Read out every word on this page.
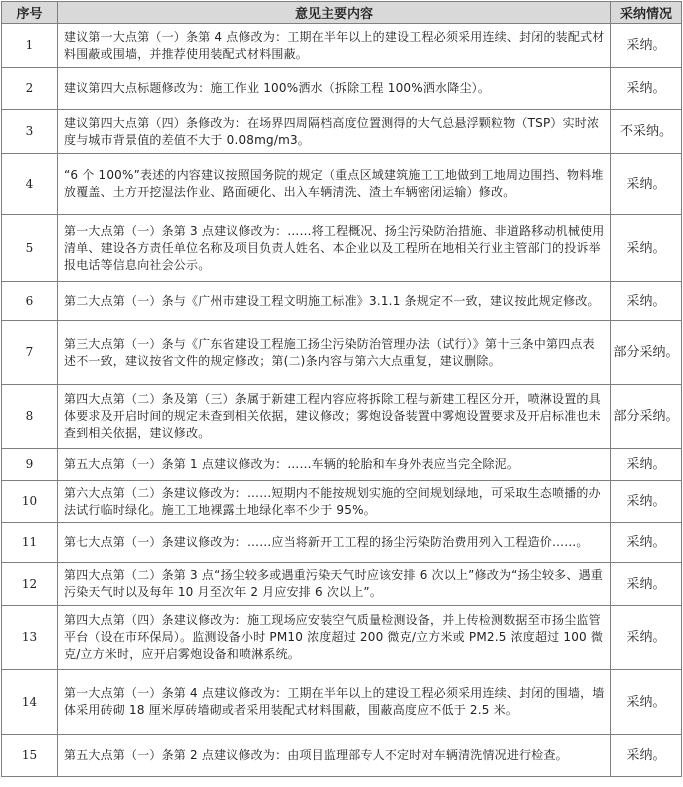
序号	意见主要内容	采纳情况
1	建议第一大点第（一）条第 4 点修改为：工期在半年以上的建设工程必须采用连续、封闭的装配式材料围蔽或围墙，并推荐使用装配式材料围蔽。	采纳。
2	建议第四大点标题修改为：施工作业 100%洒水（拆除工程 100%洒水降尘）。	采纳。
3	建议第四大点第（四）条修改为：在场界四周隔档高度位置测得的大气总悬浮颗粒物（TSP）实时浓度与城市背景值的差值不大于 0.08mg/m3。	不采纳。
4	“6 个 100%”表述的内容建议按照国务院的规定（重点区域建筑施工工地做到工地周边围挡、物料堆放覆盖、土方开挖湿法作业、路面硬化、出入车辆清洗、渣土车辆密闭运输）修改。	采纳。
5	第一大点第（一）条第 3 点建议修改为：……将工程概况、扬尘污染防治措施、非道路移动机械使用清单、建设各方责任单位名称及项目负责人姓名、本企业以及工程所在地相关行业主管部门的投诉举报电话等信息向社会公示。	采纳。
6	第二大点第（一）条与《广州市建设工程文明施工标准》3.1.1 条规定不一致，建议按此规定修改。	采纳。
7	第三大点第（一）条与《广东省建设工程施工扬尘污染防治管理办法（试行）》第十三条中第四点表述不一致，建议按省文件的规定修改；第(二)条内容与第六大点重复，建议删除。	部分采纳。
8	第四大点第（二）条及第（三）条属于新建工程内容应将拆除工程与新建工程区分开，喷淋设置的具体要求及开启时间的规定未查到相关依据，建议修改；雾炮设备装置中雾炮设置要求及开启标准也未查到相关依据，建议修改。	部分采纳。
9	第五大点第（一）条第 1 点建议修改为：……车辆的轮胎和车身外表应当完全除泥。	采纳。
10	第六大点第（二）条建议修改为：……短期内不能按规划实施的空间规划绿地，可采取生态喷播的办法试行临时绿化。施工工地裸露土地绿化率不少于 95%。	采纳。
11	第七大点第（一）条建议修改为：……应当将新开工工程的扬尘污染防治费用列入工程造价……。	采纳。
12	第四大点第（二）条第 3 点“扬尘较多或遇重污染天气时应该安排 6 次以上”修改为“扬尘较多、遇重污染天气时以及每年 10 月至次年 2 月应安排 6 次以上”。	采纳。
13	第四大点第（四）条建议修改为：施工现场应安装空气质量检测设备，并上传检测数据至市扬尘监管平台（设在市环保局）。监测设备小时 PM10 浓度超过 200 微克/立方米或 PM2.5 浓度超过 100 微克/立方米时，应开启雾炮设备和喷淋系统。	采纳。
14	第一大点第（一）条第 4 点建议修改为：工期在半年以上的建设工程必须采用连续、封闭的围墙，墙体采用砖砌 18 厘米厚砖墙砌或者采用装配式材料围蔽，围蔽高度应不低于 2.5 米。	采纳。
15	第五大点第（一）条第 2 点建议修改为：由项目监理部专人不定时对车辆清洗情况进行检查。	采纳。
